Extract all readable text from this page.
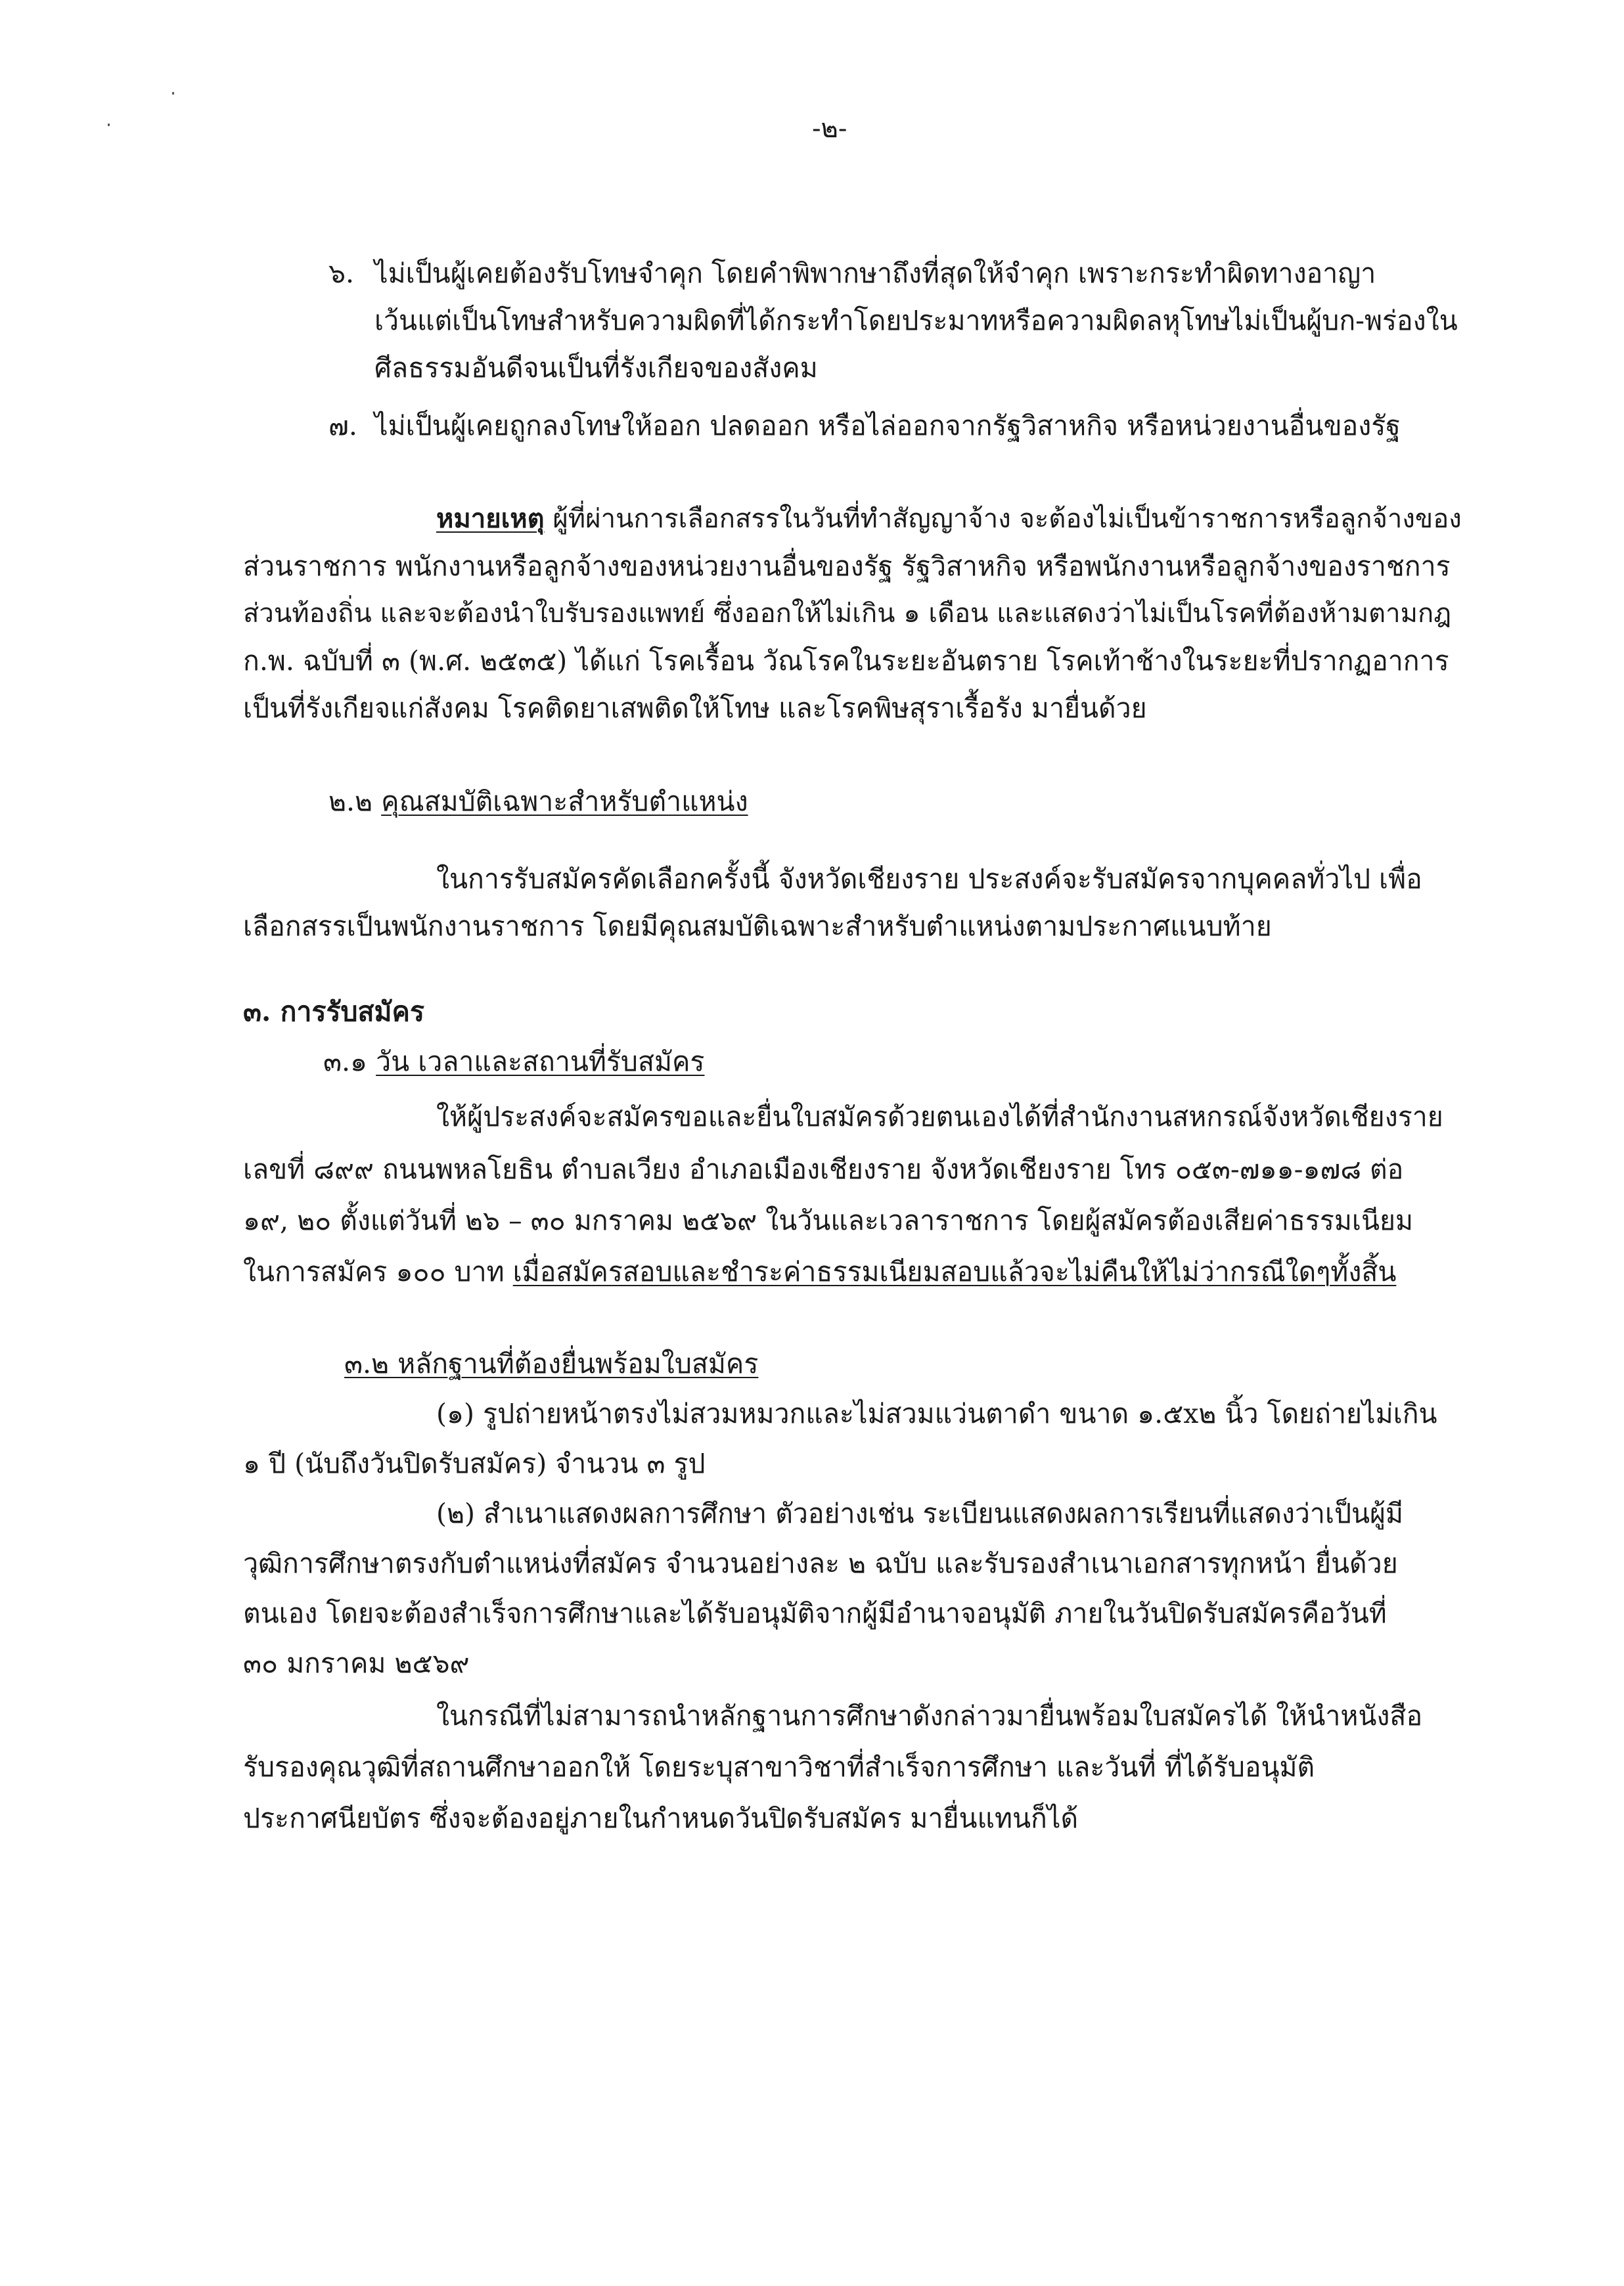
-๒-
๖. ไม่เป็นผู้เคยต้องรับโทษจำคุก โดยคำพิพากษาถึงที่สุดให้จำคุก เพราะกระทำผิดทางอาญา
เว้นแต่เป็นโทษสำหรับความผิดที่ได้กระทำโดยประมาทหรือความผิดลหุโทษไม่เป็นผู้บก-พร่องใน
ศีลธรรมอันดีจนเป็นที่รังเกียจของสังคม
๗. ไม่เป็นผู้เคยถูกลงโทษให้ออก ปลดออก หรือไล่ออกจากรัฐวิสาหกิจ หรือหน่วยงานอื่นของรัฐ
หมายเหตุ ผู้ที่ผ่านการเลือกสรรในวันที่ทำสัญญาจ้าง จะต้องไม่เป็นข้าราชการหรือลูกจ้างของ
ส่วนราชการ พนักงานหรือลูกจ้างของหน่วยงานอื่นของรัฐ รัฐวิสาหกิจ หรือพนักงานหรือลูกจ้างของราชการ
ส่วนท้องถิ่น และจะต้องนำใบรับรองแพทย์ ซึ่งออกให้ไม่เกิน ๑ เดือน และแสดงว่าไม่เป็นโรคที่ต้องห้ามตามกฎ
ก.พ. ฉบับที่ ๓ (พ.ศ. ๒๕๓๕) ได้แก่ โรคเรื้อน วัณโรคในระยะอันตราย โรคเท้าช้างในระยะที่ปรากฏอาการ
เป็นที่รังเกียจแก่สังคม โรคติดยาเสพติดให้โทษ และโรคพิษสุราเรื้อรัง มายื่นด้วย
๒.๒ คุณสมบัติเฉพาะสำหรับตำแหน่ง
ในการรับสมัครคัดเลือกครั้งนี้ จังหวัดเชียงราย ประสงค์จะรับสมัครจากบุคคลทั่วไป เพื่อ
เลือกสรรเป็นพนักงานราชการ โดยมีคุณสมบัติเฉพาะสำหรับตำแหน่งตามประกาศแนบท้าย
๓. การรับสมัคร
๓.๑ วัน เวลาและสถานที่รับสมัคร
ให้ผู้ประสงค์จะสมัครขอและยื่นใบสมัครด้วยตนเองได้ที่สำนักงานสหกรณ์จังหวัดเชียงราย
เลขที่ ๘๙๙ ถนนพหลโยธิน ตำบลเวียง อำเภอเมืองเชียงราย จังหวัดเชียงราย โทร ๐๕๓-๗๑๑-๑๗๘ ต่อ
๑๙, ๒๐ ตั้งแต่วันที่ ๒๖ – ๓๐ มกราคม ๒๕๖๙ ในวันและเวลาราชการ โดยผู้สมัครต้องเสียค่าธรรมเนียม
ในการสมัคร ๑๐๐ บาท เมื่อสมัครสอบและชำระค่าธรรมเนียมสอบแล้วจะไม่คืนให้ไม่ว่ากรณีใดๆทั้งสิ้น
๓.๒ หลักฐานที่ต้องยื่นพร้อมใบสมัคร
(๑) รูปถ่ายหน้าตรงไม่สวมหมวกและไม่สวมแว่นตาดำ ขนาด ๑.๕x๒ นิ้ว โดยถ่ายไม่เกิน
๑ ปี (นับถึงวันปิดรับสมัคร) จำนวน ๓ รูป
(๒) สำเนาแสดงผลการศึกษา ตัวอย่างเช่น ระเบียนแสดงผลการเรียนที่แสดงว่าเป็นผู้มี
วุฒิการศึกษาตรงกับตำแหน่งที่สมัคร จำนวนอย่างละ ๒ ฉบับ และรับรองสำเนาเอกสารทุกหน้า ยื่นด้วย
ตนเอง โดยจะต้องสำเร็จการศึกษาและได้รับอนุมัติจากผู้มีอำนาจอนุมัติ ภายในวันปิดรับสมัครคือวันที่
๓๐ มกราคม ๒๕๖๙
ในกรณีที่ไม่สามารถนำหลักฐานการศึกษาดังกล่าวมายื่นพร้อมใบสมัครได้ ให้นำหนังสือ
รับรองคุณวุฒิที่สถานศึกษาออกให้ โดยระบุสาขาวิชาที่สำเร็จการศึกษา และวันที่ ที่ได้รับอนุมัติ
ประกาศนียบัตร ซึ่งจะต้องอยู่ภายในกำหนดวันปิดรับสมัคร มายื่นแทนก็ได้
